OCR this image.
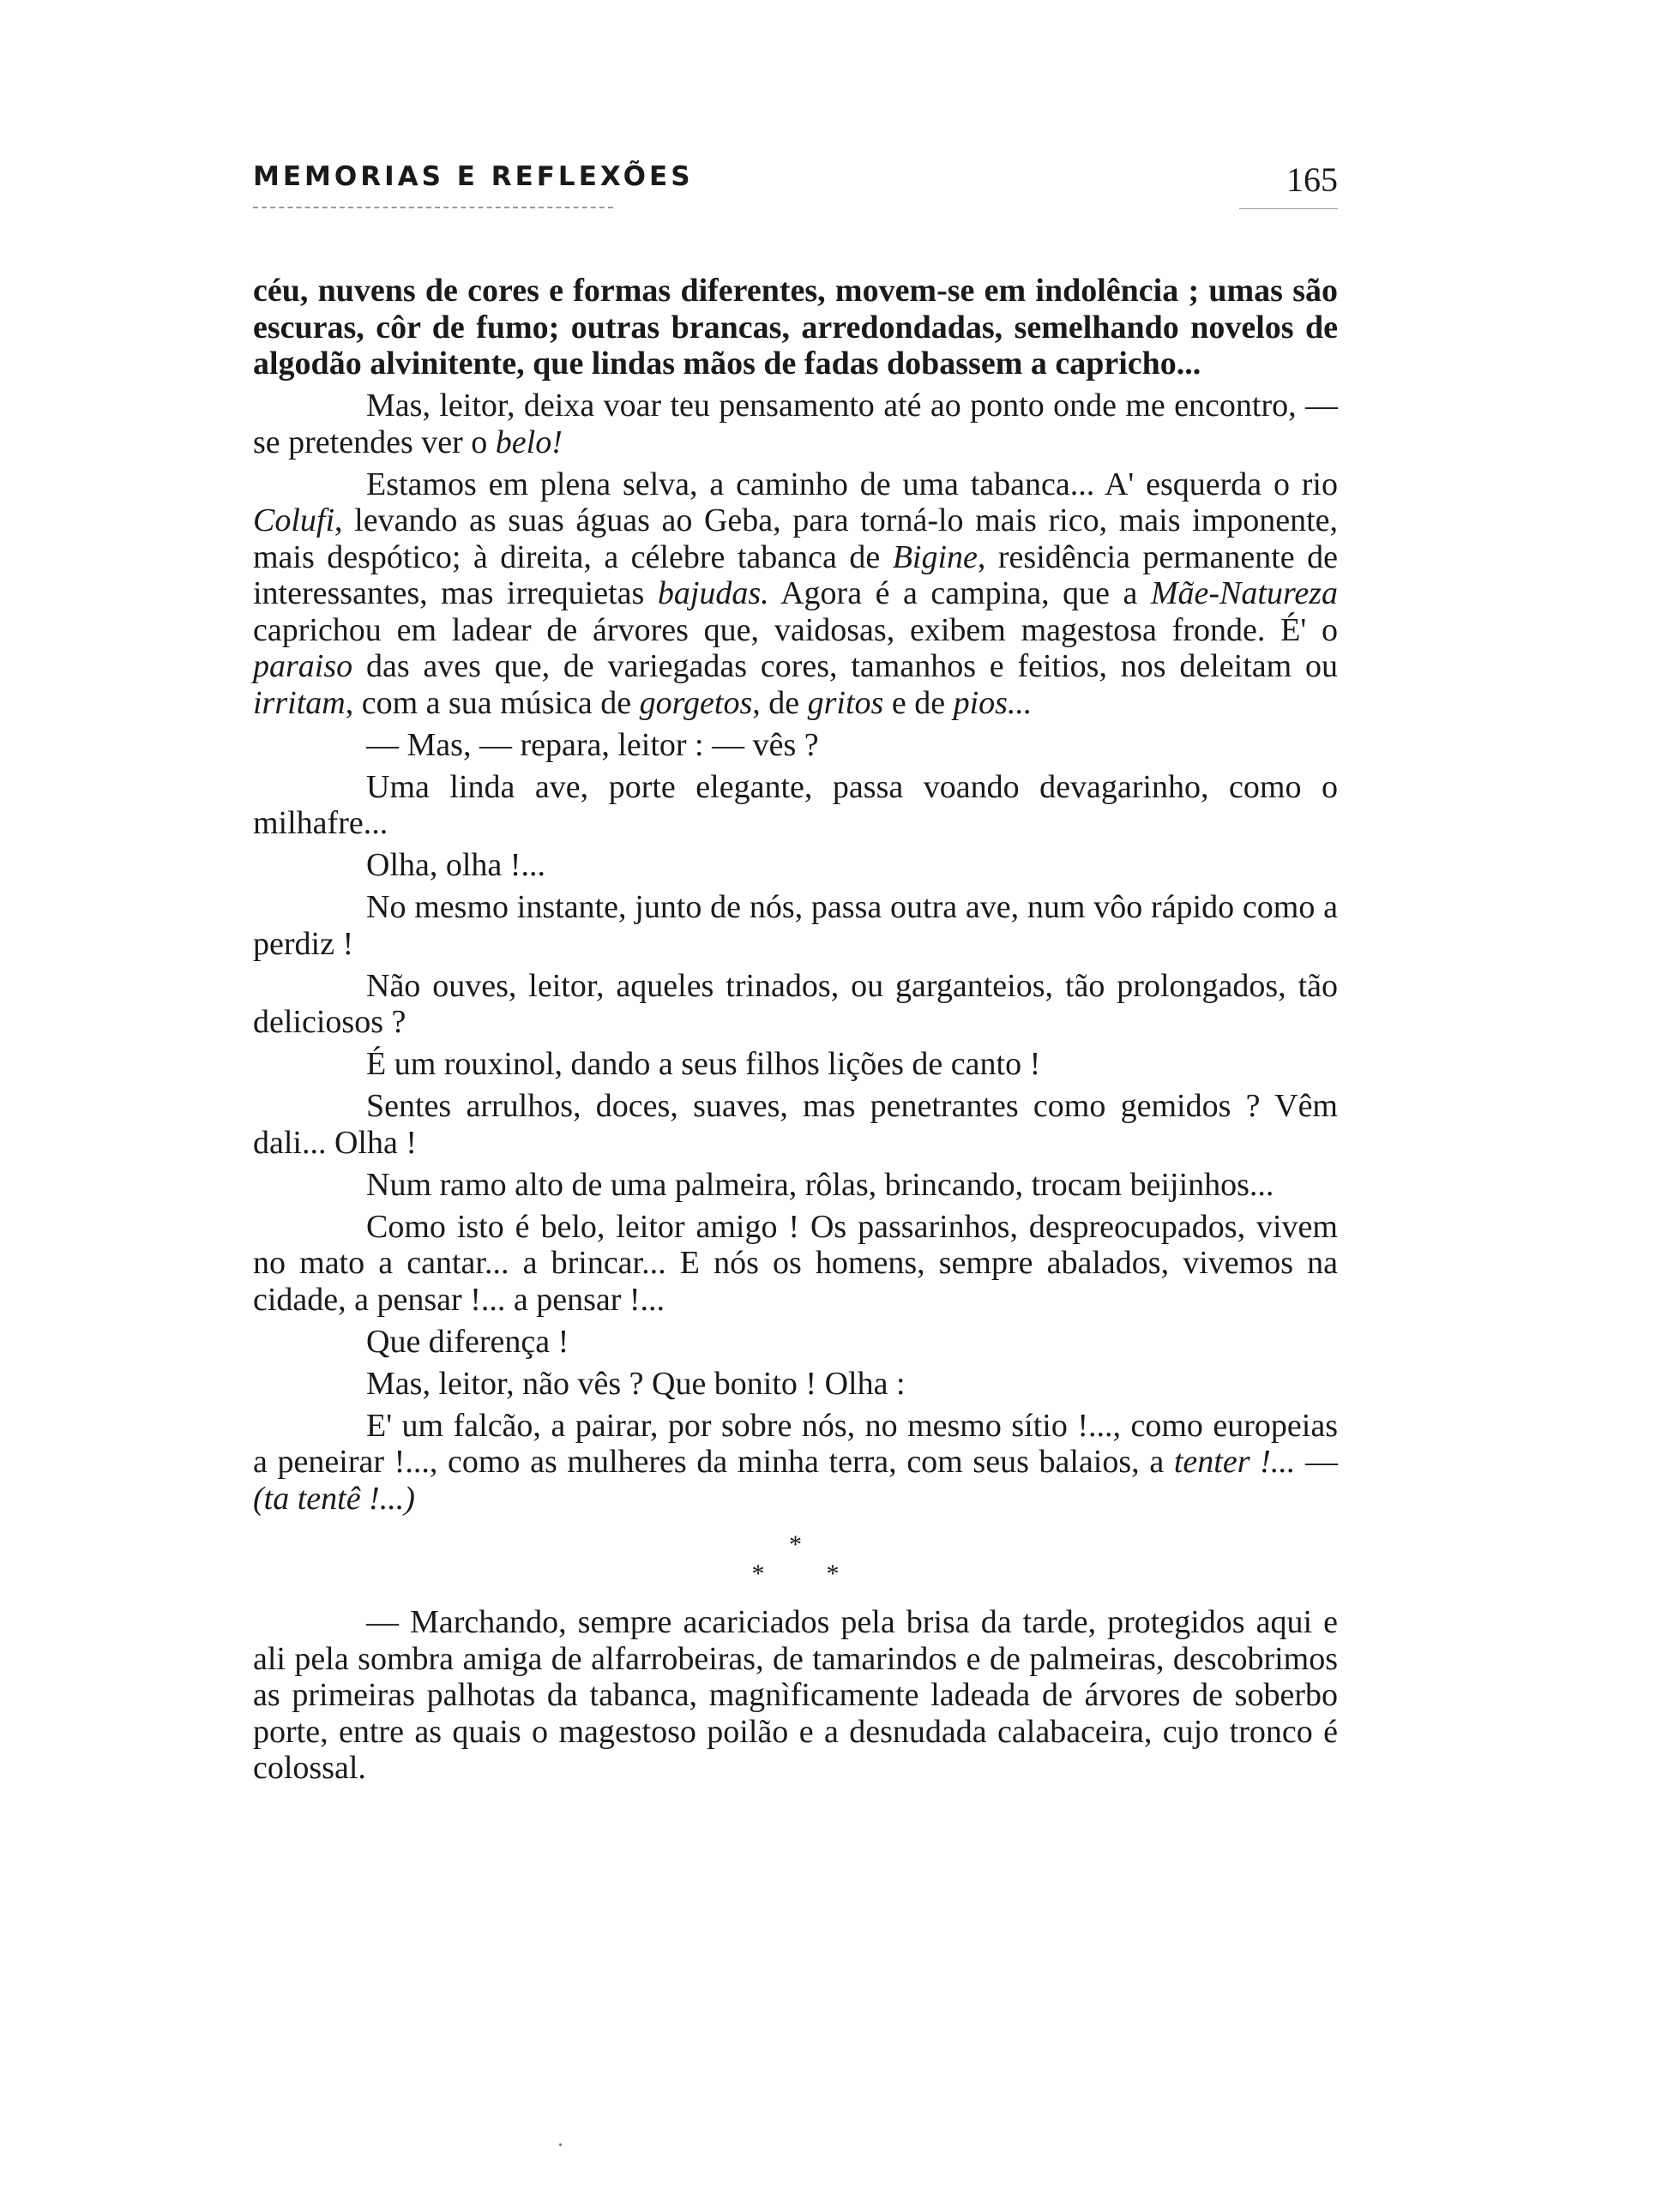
MEMORIAS E REFLEXÕES	165

céu, nuvens de cores e formas diferentes, movem-se em indolência ; umas são escuras, côr de fumo; outras brancas, arredondadas, semelhando novelos de algodão alvinitente, que lindas mãos de fadas dobassem a capricho...

Mas, leitor, deixa voar teu pensamento até ao ponto onde me encontro, — se pretendes ver o belo!

Estamos em plena selva, a caminho de uma tabanca... A' esquerda o rio Colufi, levando as suas águas ao Geba, para torná-lo mais rico, mais imponente, mais despótico; à direita, a célebre tabanca de Bigine, residência permanente de interessantes, mas irrequietas bajudas. Agora é a campina, que a Mãe-Natureza caprichou em ladear de árvores que, vaidosas, exibem magestosa fronde. É' o paraiso das aves que, de variegadas cores, tamanhos e feitios, nos deleitam ou irritam, com a sua música de gorgetos, de gritos e de pios...

— Mas, — repara, leitor : — vês ?

Uma linda ave, porte elegante, passa voando devagarinho, como o milhafre...

Olha, olha !...

No mesmo instante, junto de nós, passa outra ave, num vôo rápido como a perdiz !

Não ouves, leitor, aqueles trinados, ou garganteios, tão prolongados, tão deliciosos ?

É um rouxinol, dando a seus filhos lições de canto !

Sentes arrulhos, doces, suaves, mas penetrantes como gemidos ? Vêm dali... Olha !

Num ramo alto de uma palmeira, rôlas, brincando, trocam beijinhos...

Como isto é belo, leitor amigo ! Os passarinhos, despreocupados, vivem no mato a cantar... a brincar... E nós os homens, sempre abalados, vivemos na cidade, a pensar !... a pensar !...

Que diferença !

Mas, leitor, não vês ? Que bonito ! Olha :

E' um falcão, a pairar, por sobre nós, no mesmo sítio !..., como europeias a peneirar !..., como as mulheres da minha terra, com seus balaios, a tenter !... — (ta tentê !...)

*
* *

— Marchando, sempre acariciados pela brisa da tarde, protegidos aqui e ali pela sombra amiga de alfarrobeiras, de tamarindos e de palmeiras, descobrimos as primeiras palhotas da tabanca, magnìficamente ladeada de árvores de soberbo porte, entre as quais o magestoso poilão e a desnudada calabaceira, cujo tronco é colossal.
